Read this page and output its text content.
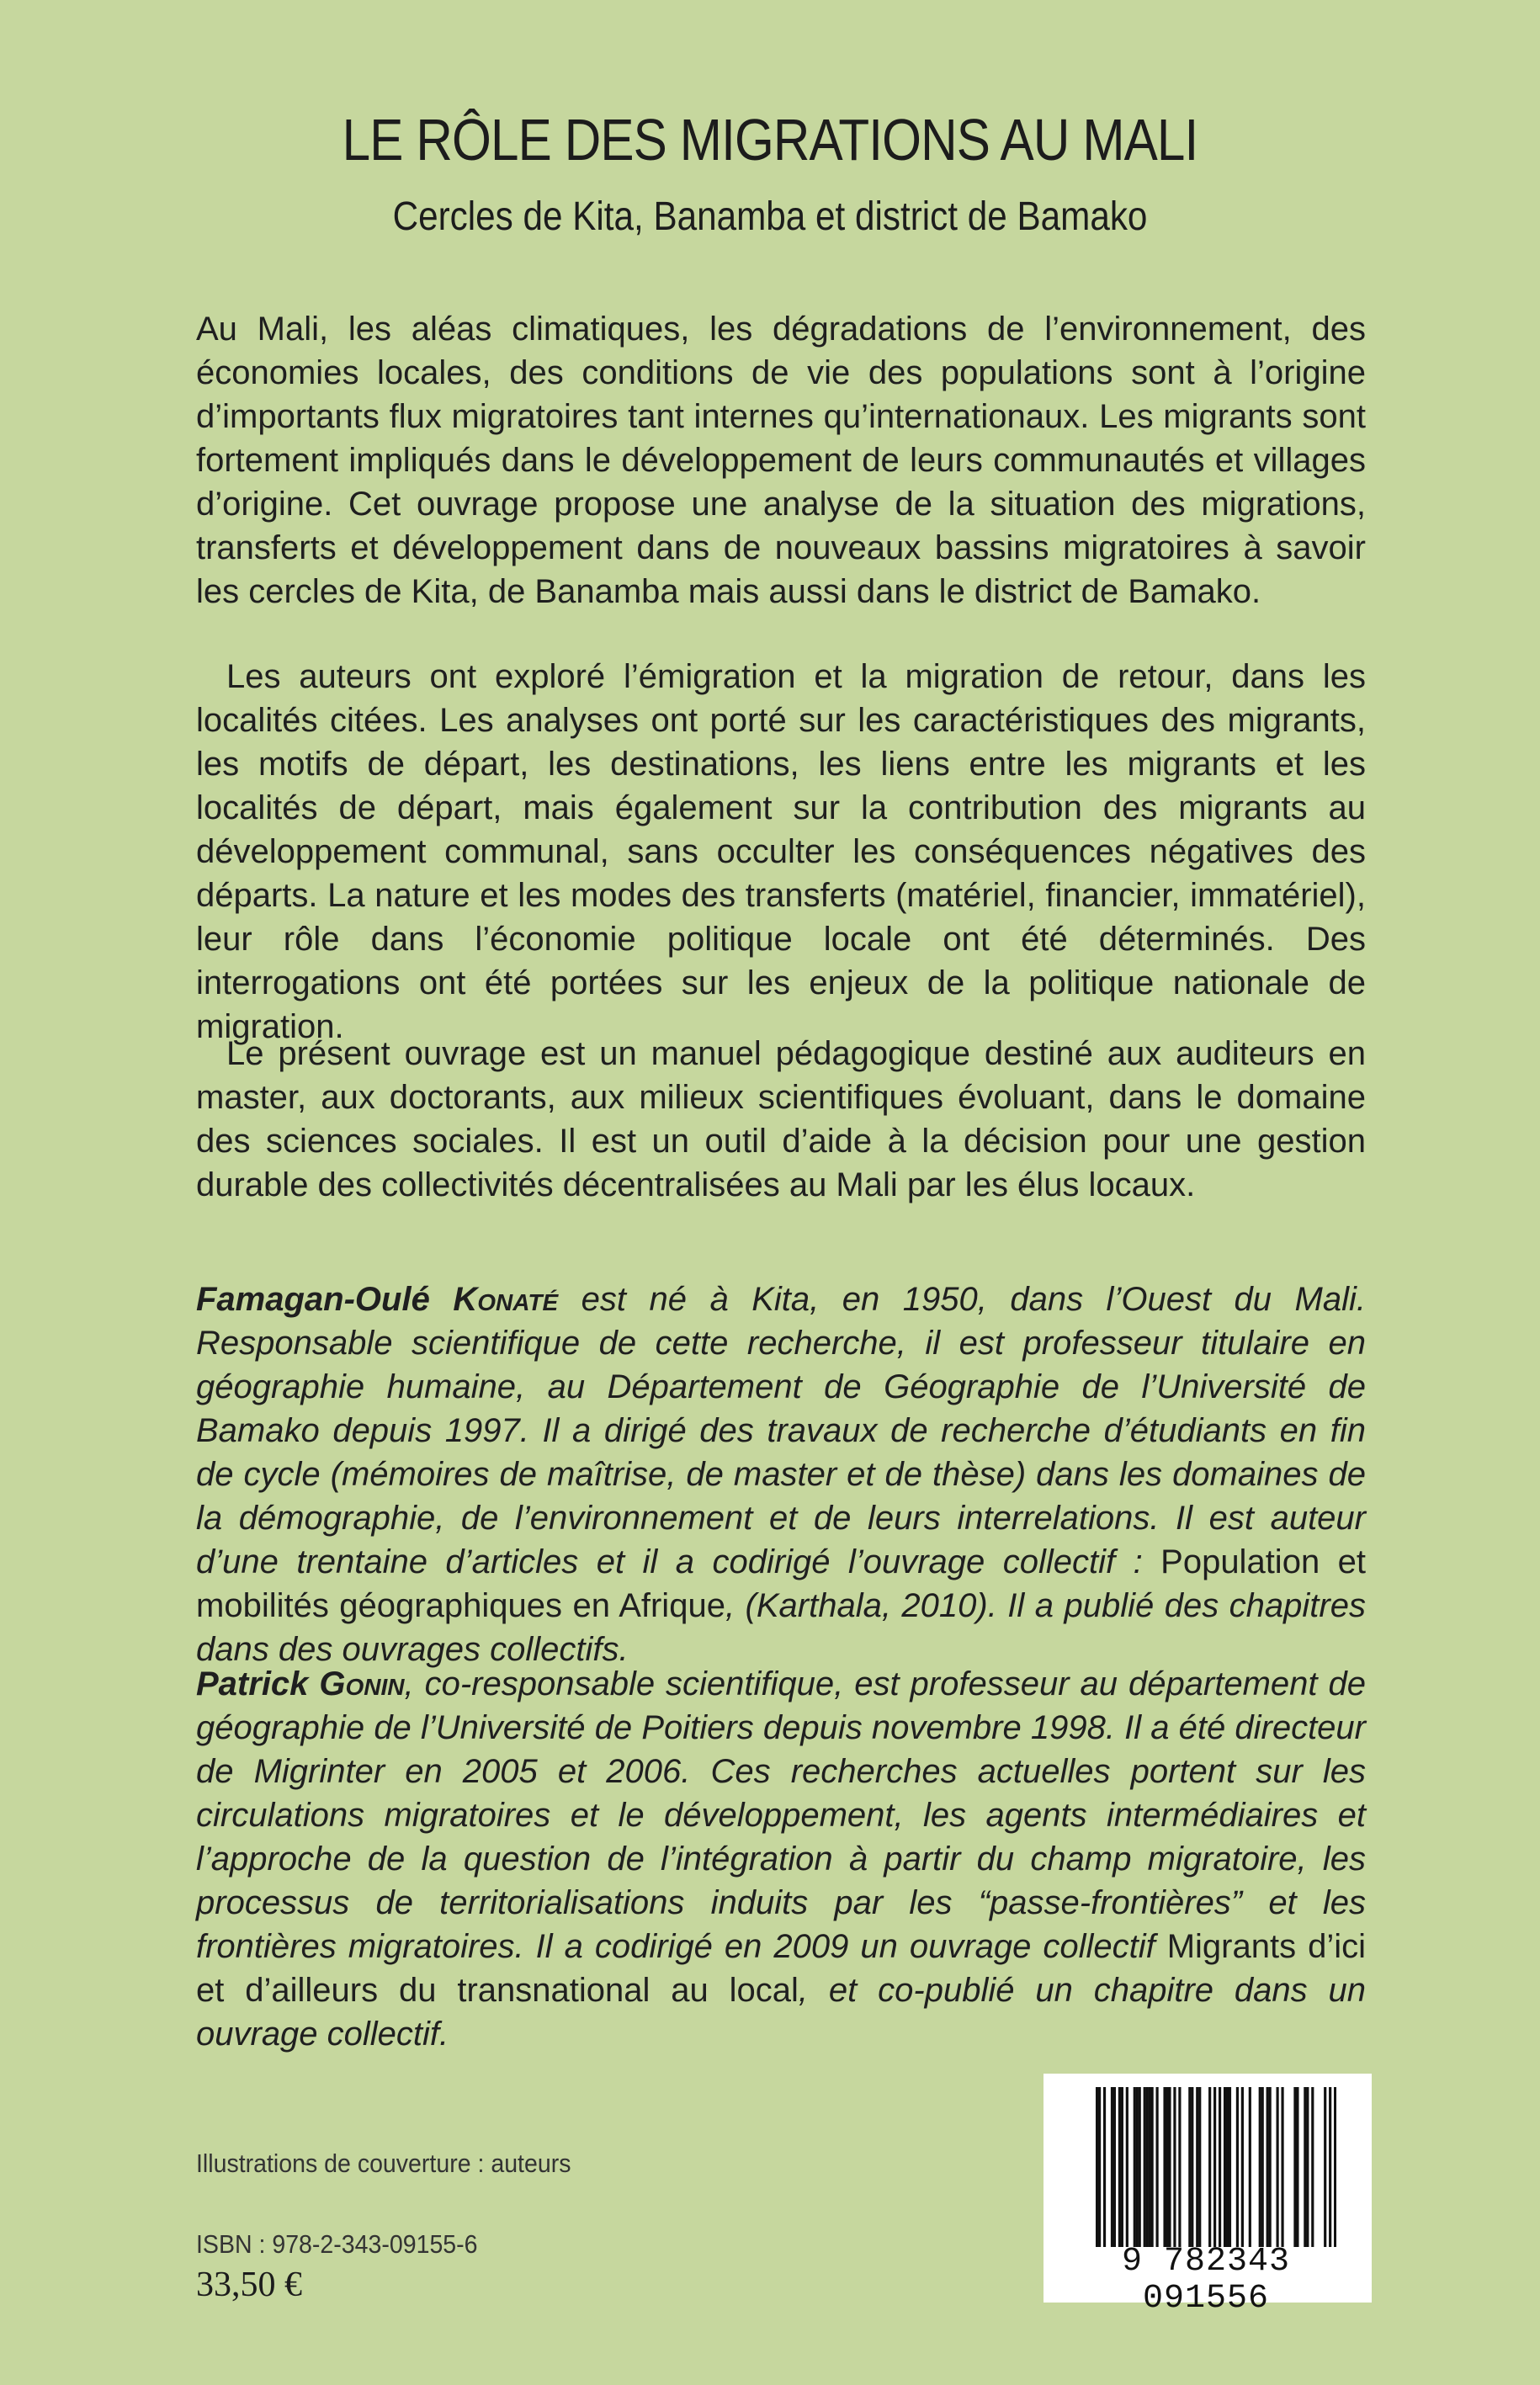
LE RÔLE DES MIGRATIONS AU MALI
Cercles de Kita, Banamba et district de Bamako
Au Mali, les aléas climatiques, les dégradations de l’environnement, des économies locales, des conditions de vie des populations sont à l’origine d’importants flux migratoires tant internes qu’internationaux. Les migrants sont fortement impliqués dans le développement de leurs communautés et villages d’origine. Cet ouvrage propose une analyse de la situation des migrations, transferts et développement dans de nouveaux bassins migratoires à savoir les cercles de Kita, de Banamba mais aussi dans le district de Bamako.
Les auteurs ont exploré l’émigration et la migration de retour, dans les localités citées. Les analyses ont porté sur les caractéristiques des migrants, les motifs de départ, les destinations, les liens entre les migrants et les localités de départ, mais également sur la contribution des migrants au développement communal, sans occulter les conséquences négatives des départs. La nature et les modes des transferts (matériel, financier, immatériel), leur rôle dans l’économie politique locale ont été déterminés. Des interrogations ont été portées sur les enjeux de la politique nationale de migration.
Le présent ouvrage est un manuel pédagogique destiné aux auditeurs en master, aux doctorants, aux milieux scientifiques évoluant, dans le domaine des sciences sociales. Il est un outil d’aide à la décision pour une gestion durable des collectivités décentralisées au Mali par les élus locaux.
Famagan-Oulé Konaté est né à Kita, en 1950, dans l’Ouest du Mali. Responsable scientifique de cette recherche, il est professeur titulaire en géographie humaine, au Département de Géographie de l’Université de Bamako depuis 1997. Il a dirigé des travaux de recherche d’étudiants en fin de cycle (mémoires de maîtrise, de master et de thèse) dans les domaines de la démographie, de l’environnement et de leurs interrelations. Il est auteur d’une trentaine d’articles et il a codirigé l’ouvrage collectif : Population et mobilités géographiques en Afrique, (Karthala, 2010). Il a publié des chapitres dans des ouvrages collectifs.
Patrick Gonin, co-responsable scientifique, est professeur au département de géographie de l’Université de Poitiers depuis novembre 1998. Il a été directeur de Migrinter en 2005 et 2006. Ces recherches actuelles portent sur les circulations migratoires et le développement, les agents intermédiaires et l’approche de la question de l’intégration à partir du champ migratoire, les processus de territorialisations induits par les “passe-frontières” et les frontières migratoires. Il a codirigé en 2009 un ouvrage collectif Migrants d’ici et d’ailleurs du transnational au local, et co-publié un chapitre dans un ouvrage collectif.
Illustrations de couverture : auteurs
ISBN : 978-2-343-09155-6
33,50 €
9 782343 091556
